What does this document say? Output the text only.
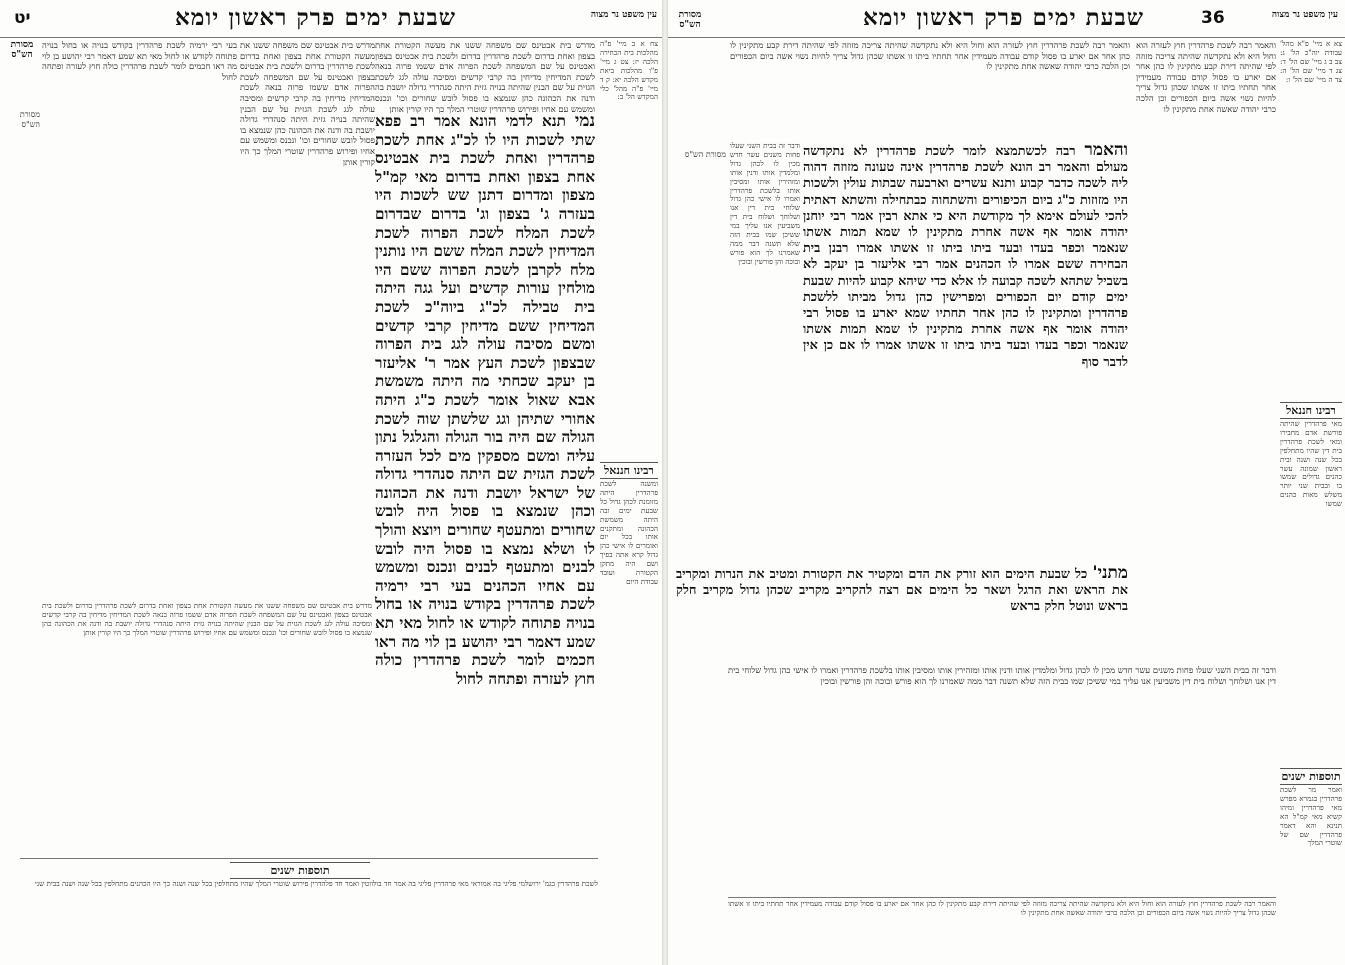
יט	שבעת ימים פרק ראשון יומא	עין משפט נר מצוה
מסורת הש"ס
מדרש בית אבטינס שם משפחה ששנו את מעשה הקטורת אחת בצפון ואחת בדרום לשכת פרהדרין בדרום ולשכת בית אבטינס בצפון ואבטינס על שם המשפחה לשכת הפרוה אדם ששמו פרוה בנאה לשכת המדיחין מדיחין בה קרבי קדשים ומסיבה עולה לגג לשכת הגזית על שם הבנין שהיתה בנויה גזית היתה סנהדרי גדולה יושבת בה ודנה את הכהונה כהן שנמצא בו פסול לובש שחורים וכו' ונכנס ומשמש עם אחיו ופירוש פרהדרין שוטרי המלך כך היו קורין אותן
צח א ב מיי' פ"ה מהלכות בית הבחירה הלכה יז: צט ג מיי' פ"ו מהלכות ביאת מקדש הלכה יא: ק ד מיי' פ"ה מהל' כלי המקדש הל' ב:
נמי תנא לדמי הונא אמר רב פפא שתי לשכות היו לו לכ"ג אחת לשכת פרהדרין ואחת לשכת בית אבטינס אחת בצפון ואחת בדרום מאי קמ"ל מצפון ומדרום דתנן שש לשכות היו בעזרה ג' בצפון וג' בדרום שבדרום לשכת המלח לשכת הפרוה לשכת המדיחין לשכת המלח ששם היו נותנין מלח לקרבן לשכת הפרוה ששם היו מולחין עורות קדשים ועל גגה היתה בית טבילה לכ"ג ביוה"כ לשכת המדיחין ששם מדיחין קרבי קדשים ומשם מסיבה עולה לגג בית הפרוה שבצפון לשכת העץ אמר ר' אליעזר בן יעקב שכחתי מה היתה משמשת אבא שאול אומר לשכת כ"ג היתה אחורי שתיהן וגג שלשתן שוה לשכת הגולה שם היה בור הגולה והגלגל נתון עליה ומשם מספקין מים לכל העזרה לשכת הגזית שם היתה סנהדרי גדולה של ישראל יושבת ודנה את הכהונה וכהן שנמצא בו פסול היה לובש שחורים ומתעטף שחורים ויוצא והולך לו ושלא נמצא בו פסול היה לובש לבנים ומתעטף לבנים ונכנס ומשמש עם אחיו הכהנים בעי רבי ירמיה לשכת פרהדרין בקודש בנויה או בחול בנויה פתוחה לקודש או לחול מאי תא שמע דאמר רבי יהושע בן לוי מה ראו חכמים לומר לשכת פרהדרין כולה חוץ לעזרה ופתחה לחול
מדרש בית אבטינס שם משפחה ששנו את מעשה הקטורת אחת בצפון ואחת בדרום לשכת פרהדרין בדרום ולשכת בית אבטינס בצפון ואבטינס על שם המשפחה לשכת הפרוה אדם ששמו פרוה בנאה לשכת המדיחין מדיחין בה קרבי קדשים ומסיבה עולה לגג לשכת הגזית על שם הבנין שהיתה בנויה גזית היתה סנהדרי גדולה יושבת בה ודנה את הכהונה כהן שנמצא בו פסול לובש שחורים וכו' ונכנס ומשמש עם אחיו ופירוש פרהדרין שוטרי המלך כך היו קורין אותן
בעי רבי ירמיה לשכת פרהדרין בקודש בנויה או בחול בנויה פתוחה לקודש או לחול מאי תא שמע דאמר רבי יהושע בן לוי מה ראו חכמים לומר לשכת פרהדרין כולה חוץ לעזרה ופתחה לחול
מסורת הש"ס
רבינו חננאל
ומשנה לשכת פרהדרין היתה מזומנת לכהן גדול כל שבעת ימים ובה היתה משמשת הכהונה ומתקנים אותו בכל יום ואומרים לו אישי כהן גדול קרא אתה בפיך ושם היה מתקן הקטורת ועובד עבודת היום
מדרש בית אבטינס שם משפחה ששנו את מעשה הקטורת אחת בצפון ואחת בדרום לשכת פרהדרין בדרום ולשכת בית אבטינס בצפון ואבטינס על שם המשפחה לשכת הפרוה אדם ששמו פרוה בנאה לשכת המדיחין מדיחין בה קרבי קדשים ומסיבה עולה לגג לשכת הגזית על שם הבנין שהיתה בנויה גזית היתה סנהדרי גדולה יושבת בה ודנה את הכהונה כהן שנמצא בו פסול לובש שחורים וכו' ונכנס ומשמש עם אחיו ופירוש פרהדרין שוטרי המלך כך היו קורין אותן
תוספות ישנים
לשכת פרהדרין בגמ' ירושלמי פליגי בה אמוראי מאי פרהדרין פליגי בה אמר חד בולווטין ואמר חד פלהדרין פירוש שוטרי המלך שהיו מתחלפין בכל שנה ושנה כך היו הכהנים מתחלפין בכל שנה ושנה בבית שני
שבעת ימים פרק ראשון יומא	36	עין משפט נר מצוה
מסורת הש"ס
צא א מיי' פ"א מהל' עבודת יוה"כ הל' ג: צב ב ג מיי' שם הל' ד: צג ד מיי' שם הל' ה: צד ה מיי' שם הל' ו:
והאמר רבה לשכת פרהדרין חוץ לעזרה הוא וחול היא ולא נתקדשה שהיתה צריכה מזוזה לפי שהיתה דירת קבע מתקינין לו כהן אחר אם יארע בו פסול קודם עבודה מעמידין אחר תחתיו ביתו זו אשתו שכהן גדול צריך להיות נשוי אשה ביום הכפורים וכן הלכה כרבי יהודה שאשה אחת מתקינין לו
והאמר רבה לשכת פרהדרין חוץ לעזרה הוא וחול היא ולא נתקדשה שהיתה צריכה מזוזה לפי שהיתה דירת קבע מתקינין לו כהן אחר אם יארע בו פסול קודם עבודה מעמידין אחר תחתיו ביתו זו אשתו שכהן גדול צריך להיות נשוי אשה ביום הכפורים וכן הלכה כרבי יהודה שאשה אחת מתקינין לו
והאמר רבה לכשתמצא לומר לשכת פרהדרין לא נתקדשה מעולם והאמר רב הונא לשכת פרהדרין אינה טעונה מזוזה דהוה ליה לשכה כדבר קבוע ותנא עשרים וארבעה שבתות עולין ולשכות היו מזוזות כ"ג ביום הכיפורים והשתחוה כבתחילה והשתא דאתית להכי לעולם אימא לך מקודשת היא כי אתא רבין אמר רבי יוחנן יהודה אומר אף אשה אחרת מתקינין לו שמא תמות אשתו שנאמר וכפר בעדו ובעד ביתו ביתו זו אשתו אמרו רבנן בית הבחירה ששם אמרו לו הכהנים אמר רבי אליעזר בן יעקב לא בשביל שתהא לשכה קבועה לו אלא כדי שיהא קבוע להיות שבעת ימים קודם יום הכפורים ומפרישין כהן גדול מביתו ללשכת פרהדרין ומתקינין לו כהן אחר תחתיו שמא יארע בו פסול רבי יהודה אומר אף אשה אחרת מתקינין לו שמא תמות אשתו שנאמר וכפר בעדו ובעד ביתו ביתו זו אשתו אמרו לו אם כן אין לדבר סוף
מתני' כל שבעת הימים הוא זורק את הדם ומקטיר את הקטורת ומטיב את הנרות ומקריב את הראש ואת הרגל ושאר כל הימים אם רצה להקריב מקריב שכהן גדול מקריב חלק בראש ונוטל חלק בראש
ודבר זה בבית השני שעלו פחות משנים עשר חדש מכין לו לכהן גדול ומלמדין אותו ודנין אותו ומזהירין אותו ומסיבין אותו בלשכת פרהדרין ואמרו לו אישי כהן גדול שלוחי בית דין אנו ושלוחך ושלוח בית דין משביעין אנו עליך במי ששיכן שמו בבית הזה שלא תשנה דבר ממה שאמרנו לך הוא פורש ובוכה והן פורשין ובוכין
מסורת הש"ס
ודבר זה בבית השני שעלו פחות משנים עשר חדש מכין לו לכהן גדול ומלמדין אותו ודנין אותו ומזהירין אותו ומסיבין אותו בלשכת פרהדרין ואמרו לו אישי כהן גדול שלוחי בית דין אנו ושלוחך ושלוח בית דין משביעין אנו עליך במי ששיכן שמו בבית הזה שלא תשנה דבר ממה שאמרנו לך הוא פורש ובוכה והן פורשין ובוכין
והאמר רבה לשכת פרהדרין חוץ לעזרה הוא וחול היא ולא נתקדשה שהיתה צריכה מזוזה לפי שהיתה דירת קבע מתקינין לו כהן אחר אם יארע בו פסול קודם עבודה מעמידין אחר תחתיו ביתו זו אשתו שכהן גדול צריך להיות נשוי אשה ביום הכפורים וכן הלכה כרבי יהודה שאשה אחת מתקינין לו
רבינו חננאל
מאי פרהדרין שהיתה פורשת אדם מחבירו ומאי לשכת פרהדרין בית דין שהיו מתחלפין בכל שנה ושנה ובית ראשון שמונה עשר כהנים גדולים שמשו בו ובבית שני יותר משלש מאות כהנים שמשו
תוספות ישנים
ואמר מר לשכת פרהדרין בגמרא מפרש מאי פרהדרין ומיהו קשיא מאי קמ"ל הא תנינא והא דאמר פרהדרין שם של שוטרי המלך
